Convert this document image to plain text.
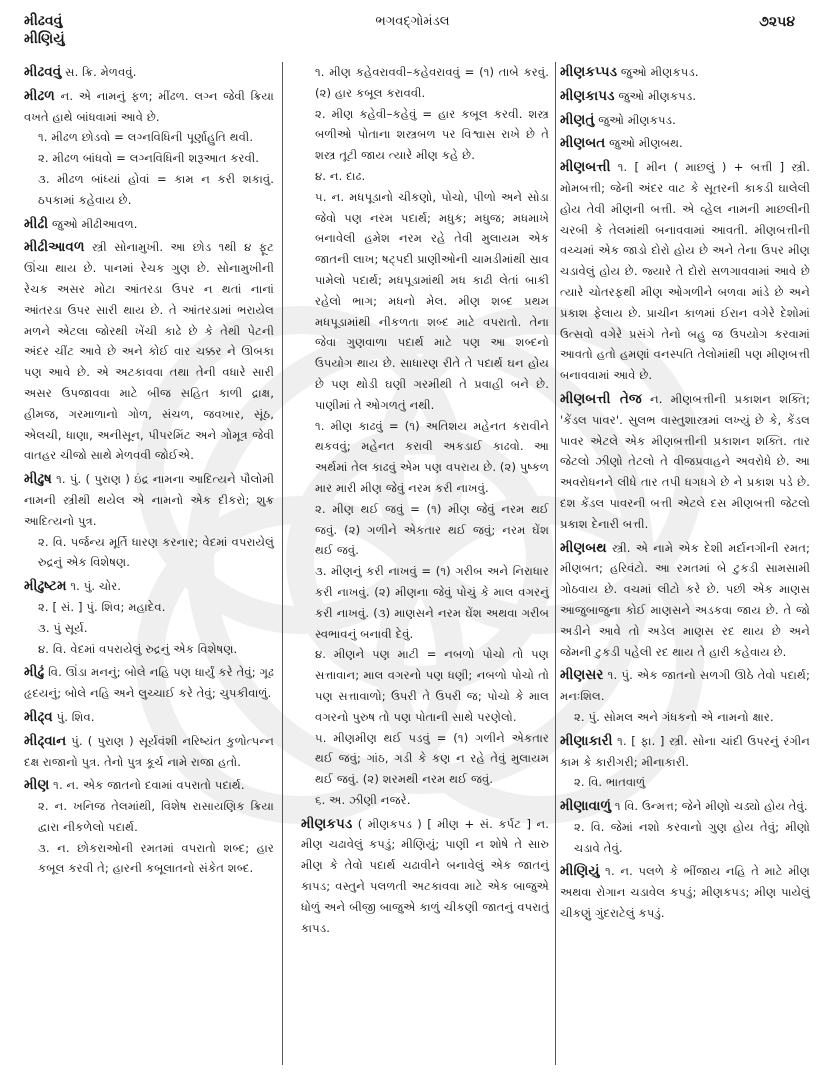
મીઢવવું
મીણિયું
ભગવદ્ગોમંડલ	૭૨૫૪

મીઢવવું સ. ક્રિ. મેળવવું.

મીઢળ ન. એ નામનું ફળ; મીંઢળ. લગ્ન જેવી ક્રિયા વખતે હાથે બાંધવામાં આવે છે.

૧. મીઢળ છોડવો = લગ્નવિધિની પૂર્ણાહુતિ થવી.

૨. મીઢળ બાંધવો = લગ્નવિધિની શરૂઆત કરવી.

૩. મીઢળ બાંધ્યાં હોવાં = કામ ન કરી શકાવું. ઠપકામાં કહેવાય છે.

મીઢી જુઓ મીઢીઆવળ.

મીઢીઆવળ સ્ત્રી સોનામુખી. આ છોડ ૧થી ૪ ફૂટ ઊંચા થાય છે. પાનમાં રેચક ગુણ છે. સોનામુખીની રેચક અસર મોટા આંતરડા ઉપર ન થતાં નાનાં આંતરડા ઉપર સારી થાય છે. તે આંતરડામાં ભરાયેલ મળને એટલા જોરથી ખેંચી કાઢે છે કે તેથી પેટની અંદર ચીંટ આવે છે અને કોઈ વાર ચક્કર ને ઊબકા પણ આવે છે. એ અટકાવવા તથા તેની વધારે સારી અસર ઉપજાવવા માટે બીજ સહિત કાળી દ્રાક્ષ, હીમજ, ગરમાળાનો ગોળ, સંચળ, જવખાર, સૂંઠ, એલચી, ધાણા, અનીસૂન, પીપરમિંટ અને ગોમૂત્ર જેવી વાતહર ચીજો સાથે મેળવવી જોઈએ.

મીઢુષ ૧. પું. ( પુરાણ ) ઇંદ્ર નામના આદિત્યને પૌલોમી નામની સ્ત્રીથી થયેલ એ નામનો એક દીકરો; શુક્ર આદિત્યનો પુત્ર.

૨. વિ. પર્જન્ય મૂર્તિ ધારણ કરનાર; વેદમાં વપરાયેલું રુદ્રનું એક વિશેષણ.

મીઢુષ્ટમ ૧. પું. ચોર.

૨. [ સં. ] પું. શિવ; મહાદેવ.

૩. પું સૂર્ય.

૪. વિ. વેદમાં વપરાયેલું રુદ્રનું એક વિશેષણ.

મીઢું વિ. ઊંડા મનનું; બોલે નહિ પણ ધાર્યું કરે તેવું; ગૂઢ હૃદયનું; બોલે નહિ અને લુચ્ચાઈ કરે તેવું; ચુપકીવાળું.

મીઢ્વ પું. શિવ.

મીઢ્વાન પું. ( પુરાણ ) સૂર્યવંશી નરિષ્યંત કુળોત્પન્ન દક્ષ રાજાનો પુત્ર. તેનો પુત્ર કૂર્ચ નામે રાજા હતો.

મીણ ૧. ન. એક જાતનો દવામાં વપરાતો પદાર્થ.

૨. ન. ખનિજ તેલમાંથી, વિશેષ રાસાયણિક ક્રિયા દ્વારા નીકળેલો પદાર્થ.

૩. ન. છોકરાઓની રમતમાં વપરાતો શબ્દ; હાર કબૂલ કરવી તે; હારની કબૂલાતનો સંકેત શબ્દ.

૧. મીણ કહેવરાવવી–કહેવરાવવું = (૧) તાબે કરવું. (૨) હાર કબૂલ કરાવવી.

૨. મીણ કહેવી–કહેવું = હાર કબૂલ કરવી. શસ્ત્ર બળીઓ પોતાના શસ્ત્રબળ પર વિશ્વાસ રાખે છે તે શસ્ત્ર તૂટી જાય ત્યારે મીણ કહે છે.

૪. ન. દાઢ.

૫. ન. મધપૂડાનો ચીકણો, પોચો, પીળો અને સોડા જેવો પણ નરમ પદાર્થ; મધુક; મધુજ; મધમાખે બનાવેલી હમેશ નરમ રહે તેવી મુલાયમ એક જાતની લાખ; ષટ્પદી પ્રાણીઓની ચામડીમાંથી સ્રાવ પામેલો પદાર્થ; મધપૂડામાંથી મધ કાઢી લેતાં બાકી રહેલો ભાગ; મધનો મેલ. મીણ શબ્દ પ્રથમ મધપૂડામાંથી નીકળતા શબ્દ માટે વપરાતો. તેના જેવા ગુણવાળા પદાર્થ માટે પણ આ શબ્દનો ઉપયોગ થાય છે. સાધારણ રીતે તે પદાર્થ ઘન હોય છે પણ થોડી ઘણી ગરમીથી તે પ્રવાહી બને છે. પાણીમાં તે ઓગળતું નથી.

૧. મીણ કાઢવું = (૧) અતિશય મહેનત કરાવીને થકવવું; મહેનત કરાવી અકડાઈ કાઢવો. આ અર્થમાં તેલ કાઢવું એમ પણ વપરાય છે. (૨) પુષ્કળ માર મારી મીણ જેવું નરમ કરી નાખવું.

૨. મીણ થઈ જવું = (૧) મીણ જેવું નરમ થઈ જવું. (૨) ગળીને એકતાર થઈ જવું; નરમ ઘેંશ થઈ જવું.

૩. મીણનું કરી નાખવું = (૧) ગરીબ અને નિરાધાર કરી નાખવું. (૨) મીણના જેવું પોચું કે માલ વગરનું કરી નાખવું. (૩) માણસને નરમ ઘેંશ અથવા ગરીબ સ્વભાવનું બનાવી દેવું.

૪. મીણને પણ માટી = નબળો પોચો તો પણ સત્તાવાન; માલ વગરનો પણ ધણી; નબળો પોચો તો પણ સત્તાવાળો; ઉપરી તે ઉપરી જ; પોચો કે માલ વગરનો પુરુષ તો પણ પોતાની સાથે પરણેલો.

૫. મીણમીણ થઈ પડવું = (૧) ગળીને એકતાર થઈ જવું; ગાંઠ, ગડી કે કણ ન રહે તેવું મુલાયમ થઈ જવું. (૨) શરમથી નરમ થઈ જવું.

૬. અ. ઝીણી નજરે.

મીણકપડ ( મીણકપડ ) [ મીણ + સં. કર્પટ ] ન. મીણ ચઢાવેલું કપડું; મીણિયું; પાણી ન શોષે તે સારુ મીણ કે તેવો પદાર્થ ચઢાવીને બનાવેલું એક જાતનું કાપડ; વસ્તુને પલળતી અટકાવવા માટે એક બાજુએ ધોળું અને બીજી બાજુએ કાળું ચીકણી જાતનું વપરાતું કાપડ.

મીણકપ્પડ જુઓ મીણકપડ.

મીણકાપડ જુઓ મીણકપડ.

મીણતું જુઓ મીણકપડ.

મીણબત જુઓ મીણબથ.

મીણબત્તી ૧. [ મીન ( માછલું ) + બત્તી ] સ્ત્રી. મોમબત્તી; જેની અંદર વાટ કે સૂતરની કાકડી ઘાલેલી હોય તેવી મીણની બત્તી. એ વ્હેલ નામની માછલીની ચરબી કે તેલમાંથી બનાવવામાં આવતી. મીણબત્તીની વચ્ચમાં એક જાડો દોરો હોય છે અને તેના ઉપર મીણ ચડાવેલું હોય છે. જ્યારે તે દોરો સળગાવવામાં આવે છે ત્યારે ચોતરફથી મીણ ઓગળીને બળવા માંડે છે અને પ્રકાશ ફેલાય છે. પ્રાચીન કાળમાં ઈરાન વગેરે દેશોમાં ઉત્સવો વગેરે પ્રસંગે તેનો બહુ જ ઉપયોગ કરવામાં આવતો હતો હમણાં વનસ્પતિ તેલોમાંથી પણ મીણબત્તી બનાવવામાં આવે છે.

મીણબત્તી તેજ ન. મીણબત્તીની પ્રકાશન શક્તિ; 'કેંડલ પાવર'. સુલભ વાસ્તુશાસ્ત્રમાં લખ્યું છે કે, કેંડલ પાવર એટલે એક મીણબત્તીની પ્રકાશન શક્તિ. તાર જેટલો ઝીણો તેટલો તે વીજપ્રવાહને અવરોધે છે. આ અવરોધનને લીધે તાર તપી ધગધગે છે ને પ્રકાશ પડે છે. દશ કેંડલ પાવરની બત્તી એટલે દસ મીણબત્તી જેટલો પ્રકાશ દેનારી બત્તી.

મીણબથ સ્ત્રી. એ નામે એક દેશી મર્દાનગીની રમત; મીણબત; હરિવંટો. આ રમતમાં બે ટુકડી સામસામી ગોઠવાય છે. વચમાં લીટો કરે છે. પછી એક માણસ આજુબાજુના કોઈ માણસને અડકવા જાય છે. તે જો અડીને આવે તો અડેલ માણસ રદ થાય છે અને જેમની ટુકડી પહેલી રદ થાય તે હારી કહેવાય છે.

મીણસર ૧. પું. એક જાતનો સળગી ઊઠે તેવો પદાર્થ; મનઃશિલ.

૨. પું. સોમલ અને ગંધકનો એ નામનો ક્ષાર.

મીણાકારી ૧. [ ફા. ] સ્ત્રી. સોના ચાંદી ઉપરનું રંગીન કામ કે કારીગરી; મીનાકારી.

૨. વિ. ભાતવાળું

મીણાવાળું ૧ વિ. ઉન્મત્ત; જેને મીણો ચડ્યો હોય તેવું.

૨. વિ. જેમાં નશો કરવાનો ગુણ હોય તેવું; મીણો ચડાવે તેવું.

મીણિયું ૧. ન. પલળે કે ભીંજાય નહિ તે માટે મીણ અથવા રોગાન ચડાવેલ કપડું; મીણકપડ; મીણ પાયેલું ચીકણું ગુંદરાટેલું કપડું.
